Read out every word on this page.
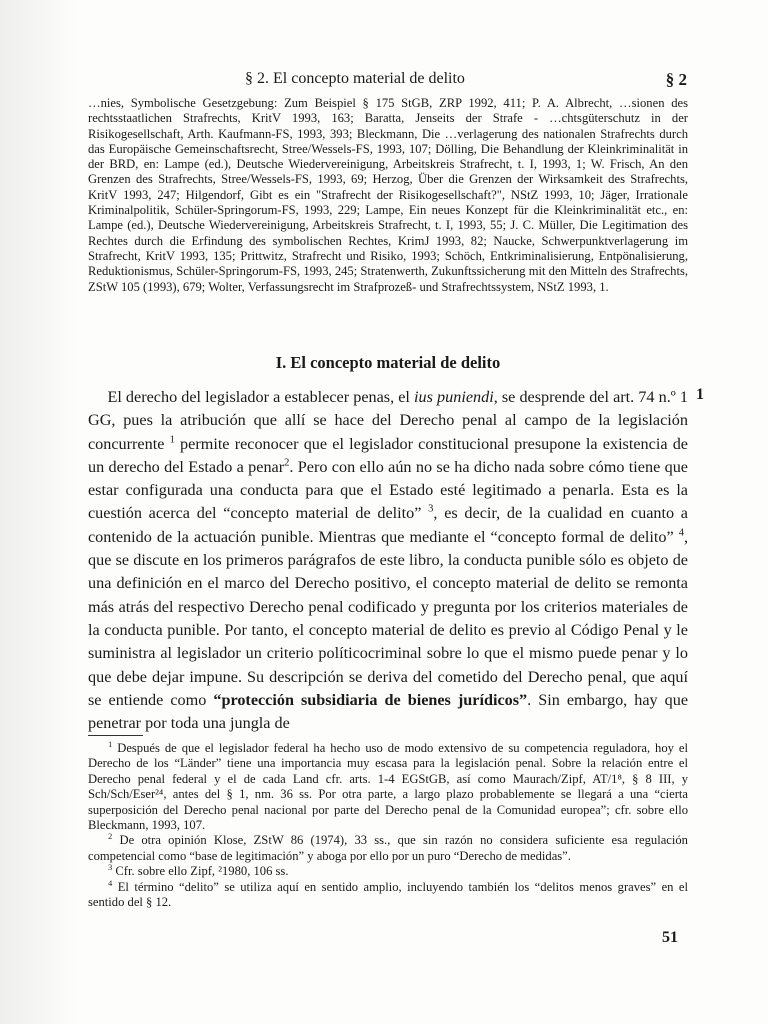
§ 2. El concepto material de delito	§ 2

…nies, Symbolische Gesetzgebung: Zum Beispiel § 175 StGB, ZRP 1992, 411; P. A. Albrecht, …sionen des rechtsstaatlichen Strafrechts, KritV 1993, 163; Baratta, Jenseits der Strafe - …chtsgüterschutz in der Risikogesellschaft, Arth. Kaufmann-FS, 1993, 393; Bleckmann, Die …verlagerung des nationalen Strafrechts durch das Europäische Gemeinschaftsrecht, Stree/Wessels-FS, 1993, 107; Dölling, Die Behandlung der Kleinkriminalität in der BRD, en: Lampe (ed.), Deutsche Wiedervereinigung, Arbeitskreis Strafrecht, t. I, 1993, 1; W. Frisch, An den Grenzen des Strafrechts, Stree/Wessels-FS, 1993, 69; Herzog, Über die Grenzen der Wirksamkeit des Strafrechts, KritV 1993, 247; Hilgendorf, Gibt es ein "Strafrecht der Risikogesellschaft?", NStZ 1993, 10; Jäger, Irrationale Kriminalpolitik, Schüler-Springorum-FS, 1993, 229; Lampe, Ein neues Konzept für die Kleinkriminalität etc., en: Lampe (ed.), Deutsche Wiedervereinigung, Arbeitskreis Strafrecht, t. I, 1993, 55; J. C. Müller, Die Legitimation des Rechtes durch die Erfindung des symbolischen Rechtes, KrimJ 1993, 82; Naucke, Schwerpunktverlagerung im Strafrecht, KritV 1993, 135; Prittwitz, Strafrecht und Risiko, 1993; Schöch, Entkriminalisierung, Entpönalisierung, Reduktionismus, Schüler-Springorum-FS, 1993, 245; Stratenwerth, Zukunftssicherung mit den Mitteln des Strafrechts, ZStW 105 (1993), 679; Wolter, Verfassungsrecht im Strafprozeß- und Strafrechtssystem, NStZ 1993, 1.

I. El concepto material de delito
1

El derecho del legislador a establecer penas, el ius puniendi, se desprende del art. 74 n.º 1 GG, pues la atribución que allí se hace del Derecho penal al campo de la legislación concurrente $^1$ permite reconocer que el legislador constitucional presupone la existencia de un derecho del Estado a penar$^2$. Pero con ello aún no se ha dicho nada sobre cómo tiene que estar configurada una conducta para que el Estado esté legitimado a penarla. Esta es la cuestión acerca del “concepto material de delito” $^3$, es decir, de la cualidad en cuanto a contenido de la actuación punible. Mientras que mediante el “concepto formal de delito” $^4$, que se discute en los primeros parágrafos de este libro, la conducta punible sólo es objeto de una definición en el marco del Derecho positivo, el concepto material de delito se remonta más atrás del respectivo Derecho penal codificado y pregunta por los criterios materiales de la conducta punible. Por tanto, el concepto material de delito es previo al Código Penal y le suministra al legislador un criterio políticocriminal sobre lo que el mismo puede penar y lo que debe dejar impune. Su descripción se deriva del cometido del Derecho penal, que aquí se entiende como “protección subsidiaria de bienes jurídicos”. Sin embargo, hay que penetrar por toda una jungla de

$^1$ Después de que el legislador federal ha hecho uso de modo extensivo de su competencia reguladora, hoy el Derecho de los “Länder” tiene una importancia muy escasa para la legislación penal. Sobre la relación entre el Derecho penal federal y el de cada Land cfr. arts. 1-4 EGStGB, así como Maurach/Zipf, AT/1⁸, § 8 III, y Sch/Sch/Eser²⁴, antes del § 1, nm. 36 ss. Por otra parte, a largo plazo probablemente se llegará a una “cierta superposición del Derecho penal nacional por parte del Derecho penal de la Comunidad europea”; cfr. sobre ello Bleckmann, 1993, 107.

$^2$ De otra opinión Klose, ZStW 86 (1974), 33 ss., que sin razón no considera suficiente esa regulación competencial como “base de legitimación” y aboga por ello por un puro “Derecho de medidas”.

$^3$ Cfr. sobre ello Zipf, ²1980, 106 ss.

$^4$ El término “delito” se utiliza aquí en sentido amplio, incluyendo también los “delitos menos graves” en el sentido del § 12.

51
